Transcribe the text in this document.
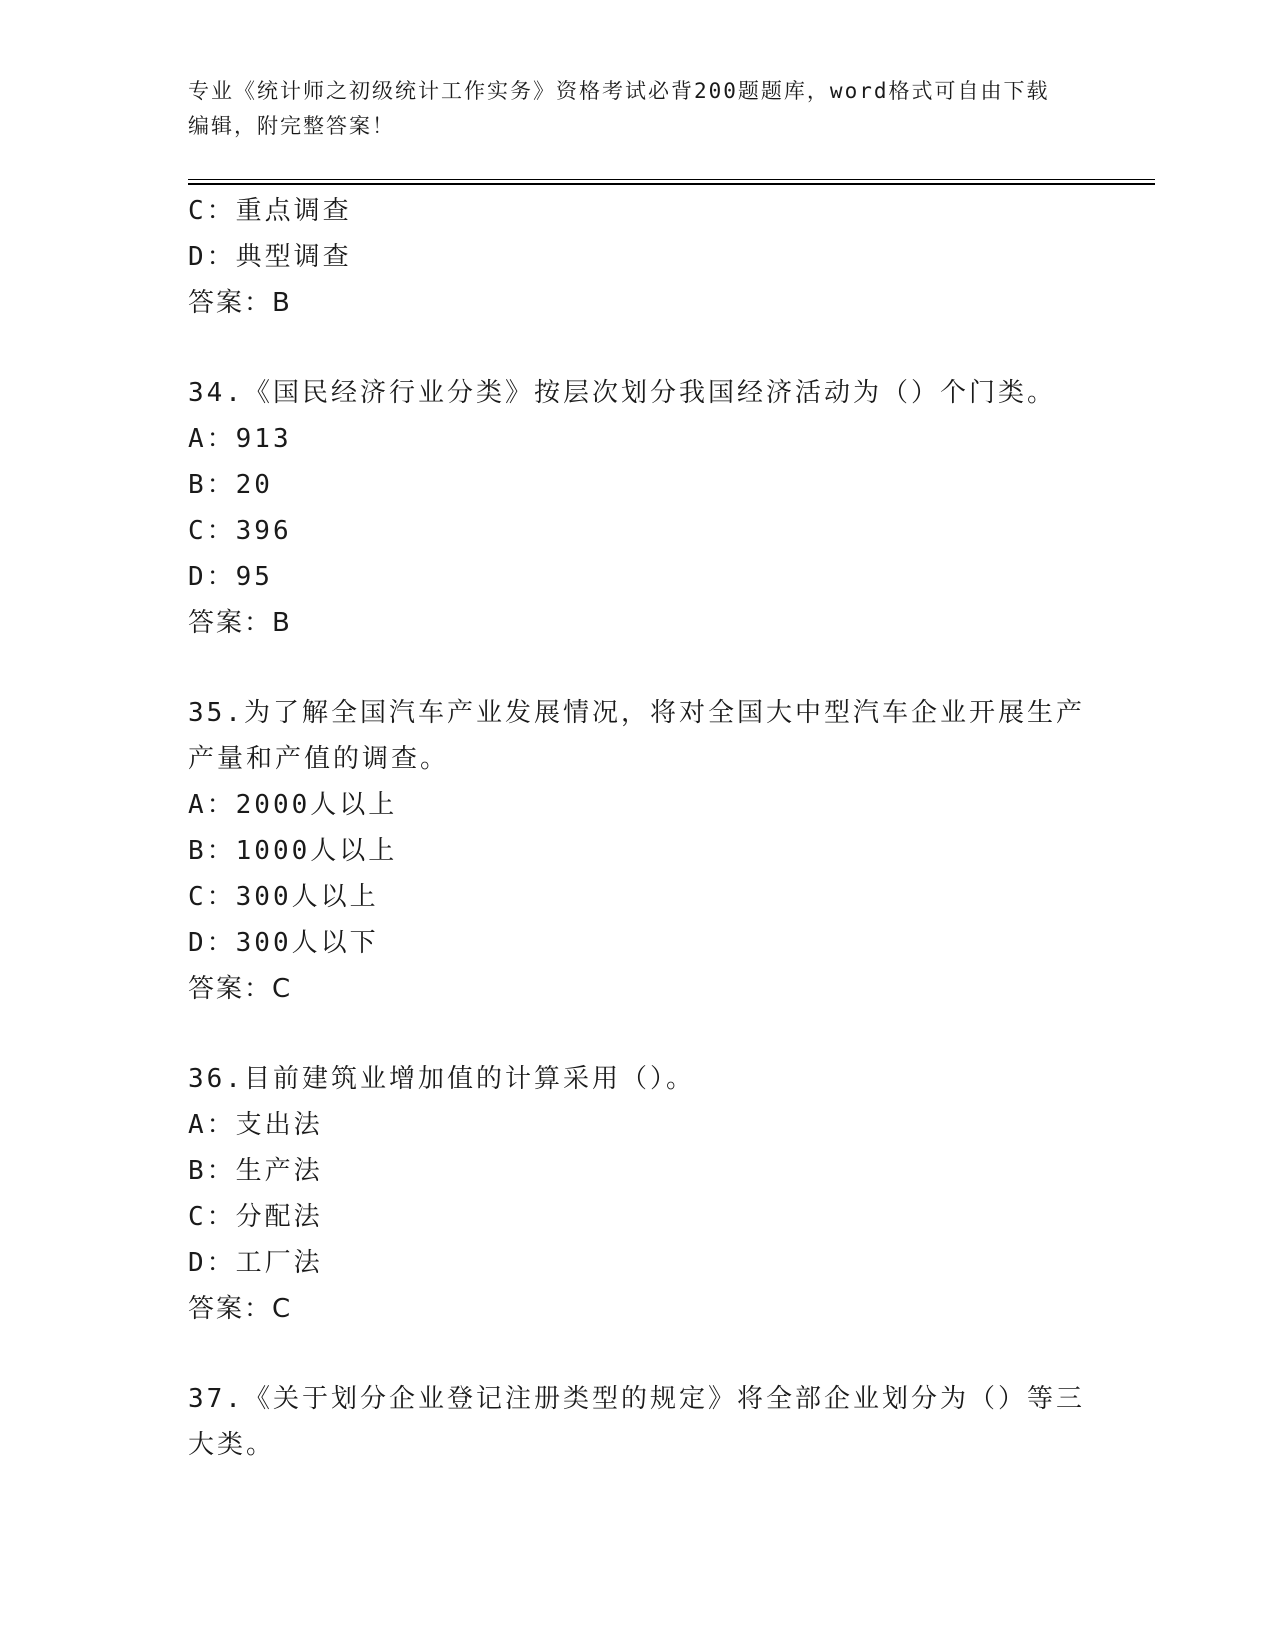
专业《统计师之初级统计工作实务》资格考试必背200题题库，word格式可自由下载编辑，附完整答案！
C：重点调查
D：典型调查
答案：B
34.《国民经济行业分类》按层次划分我国经济活动为（）个门类。
A：913
B：20
C：396
D：95
答案：B
35.为了解全国汽车产业发展情况，将对全国大中型汽车企业开展生产产量和产值的调查。
A：2000人以上
B：1000人以上
C：300人以上
D：300人以下
答案：C
36.目前建筑业增加值的计算采用（）。
A：支出法
B：生产法
C：分配法
D：工厂法
答案：C
37.《关于划分企业登记注册类型的规定》将全部企业划分为（）等三大类。
